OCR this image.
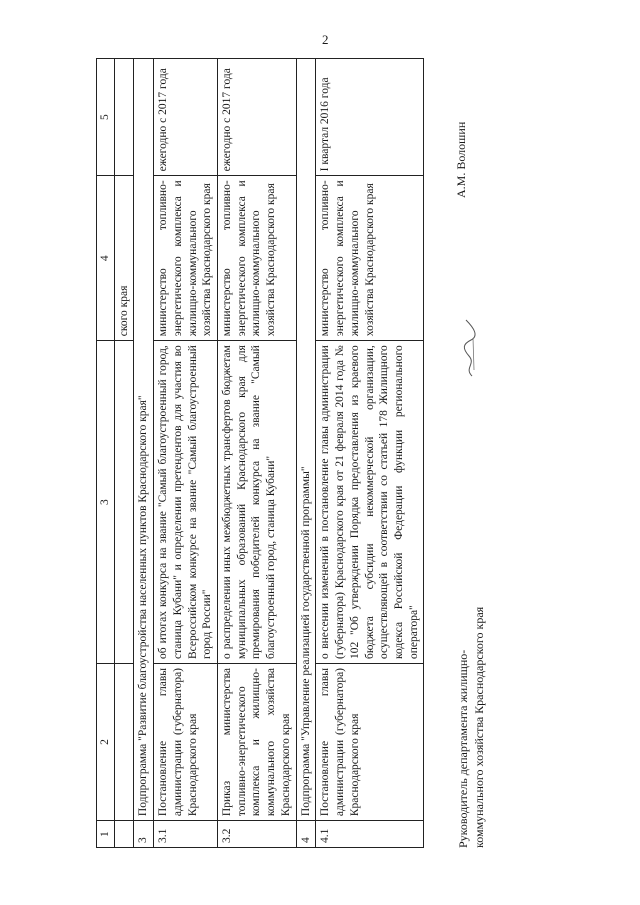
2
1	2	3	4	5
			ского края	
3	Подпрограмма "Развитие благоустройства населенных пунктов Краснодарского края"			
3.1	Постановление главы администрации (губернатора) Краснодарского края	об итогах конкурса на звание "Самый благоустроенный город, станица Кубани" и определении претендентов для участия во Всероссийском конкурсе на звание "Самый благоустроенный город России"	министерство топливно-энергетического комплекса и жилищно-коммунального хозяйства Краснодарского края	ежегодно с 2017 года
3.2	Приказ министерства топливно-энергетического комплекса и жилищно-коммунального хозяйства Краснодарского края	о распределении иных межбюджетных трансфертов бюджетам муниципальных образований Краснодарского края для премирования победителей конкурса на звание "Самый благоустроенный город, станица Кубани"	министерство топливно-энергетического комплекса и жилищно-коммунального хозяйства Краснодарского края	ежегодно с 2017 года
4	Подпрограмма "Управление реализацией государственной программы"			
4.1	Постановление главы администрации (губернатора) Краснодарского края	о внесении изменений в постановление главы администрации (губернатора) Краснодарского края от 21 февраля 2014 года № 102 "Об утверждении Порядка предоставления из краевого бюджета субсидии некоммерческой организации, осуществляющей в соответствии со статьей 178 Жилищного кодекса Российской Федерации функции регионального оператора"	министерство топливно-энергетического комплекса и жилищно-коммунального хозяйства Краснодарского края	I квартал 2016 года
Руководитель департамента жилищно- коммунального хозяйства Краснодарского края
А.М. Волошин
